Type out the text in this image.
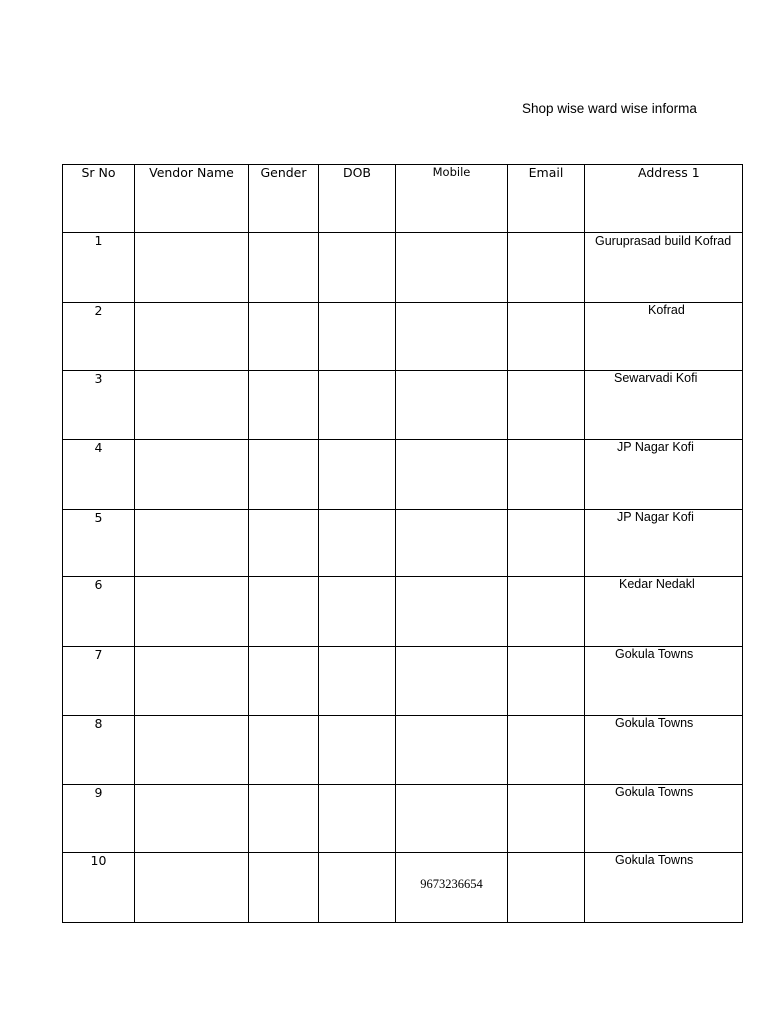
Shop wise ward wise informa
Sr No	Vendor Name	Gender	DOB	Mobile	Email	Address 1
1						Guruprasad build Kofrad
2						Kofrad
3						Sewarvadi Kofi
4						JP Nagar Kofi
5						JP Nagar Kofi
6						Kedar Nedakl
7						Gokula Towns
8						Gokula Towns
9						Gokula Towns
10				9673236654		Gokula Towns
